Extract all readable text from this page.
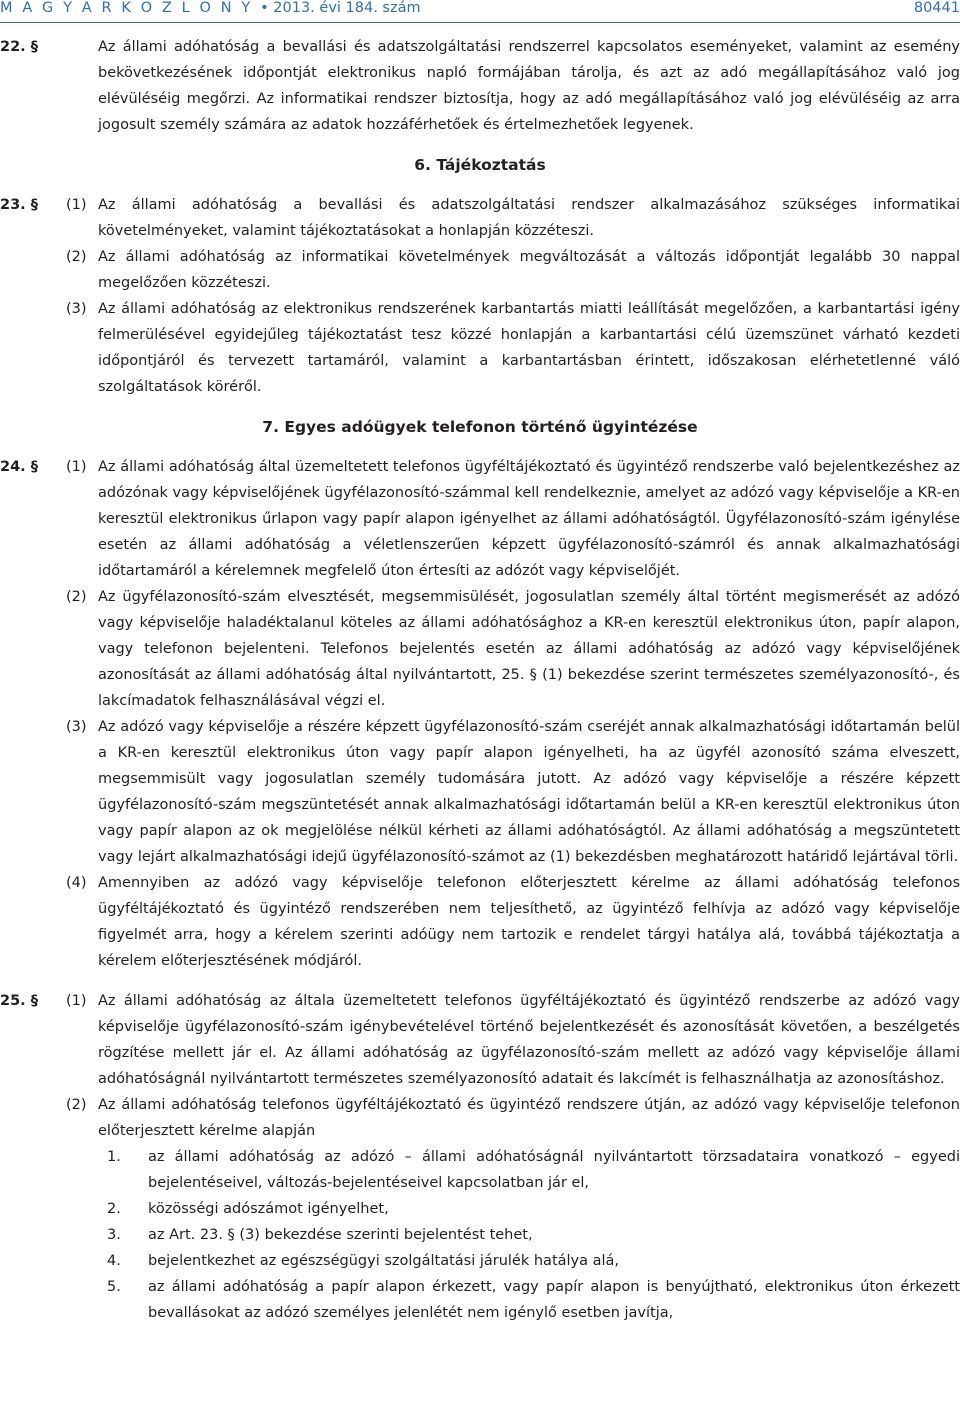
M A G Y A R K Ö Z L Ö N Y • 2013. évi 184. szám	80441
22. §	Az állami adóhatóság a bevallási és adatszolgáltatási rendszerrel kapcsolatos eseményeket, valamint az esemény bekövetkezésének időpontját elektronikus napló formájában tárolja, és azt az adó megállapításához való jog elévüléséig megőrzi. Az informatikai rendszer biztosítja, hogy az adó megállapításához való jog elévüléséig az arra jogosult személy számára az adatok hozzáférhetőek és értelmezhetőek legyenek.
6. Tájékoztatás
23. § (1) Az állami adóhatóság a bevallási és adatszolgáltatási rendszer alkalmazásához szükséges informatikai követelményeket, valamint tájékoztatásokat a honlapján közzéteszi.
(2) Az állami adóhatóság az informatikai követelmények megváltozását a változás időpontját legalább 30 nappal megelőzően közzéteszi.
(3) Az állami adóhatóság az elektronikus rendszerének karbantartás miatti leállítását megelőzően, a karbantartási igény felmerülésével egyidejűleg tájékoztatást tesz közzé honlapján a karbantartási célú üzemszünet várható kezdeti időpontjáról és tervezett tartamáról, valamint a karbantartásban érintett, időszakosan elérhetetlenné váló szolgáltatások köréről.
7. Egyes adóügyek telefonon történő ügyintézése
24. § (1) Az állami adóhatóság által üzemeltetett telefonos ügyféltájékoztató és ügyintéző rendszerbe való bejelentkezéshez az adózónak vagy képviselőjének ügyfélazonosító-számmal kell rendelkeznie, amelyet az adózó vagy képviselője a KR-en keresztül elektronikus űrlapon vagy papír alapon igényelhet az állami adóhatóságtól. Ügyfélazonosító-szám igénylése esetén az állami adóhatóság a véletlenszerűen képzett ügyfélazonosító-számról és annak alkalmazhatósági időtartamáról a kérelemnek megfelelő úton értesíti az adózót vagy képviselőjét.
(2) Az ügyfélazonosító-szám elvesztését, megsemmisülését, jogosulatlan személy által történt megismerését az adózó vagy képviselője haladéktalanul köteles az állami adóhatósághoz a KR-en keresztül elektronikus úton, papír alapon, vagy telefonon bejelenteni. Telefonos bejelentés esetén az állami adóhatóság az adózó vagy képviselőjének azonosítását az állami adóhatóság által nyilvántartott, 25. § (1) bekezdése szerint természetes személyazonosító-, és lakcímadatok felhasználásával végzi el.
(3) Az adózó vagy képviselője a részére képzett ügyfélazonosító-szám cseréjét annak alkalmazhatósági időtartamán belül a KR-en keresztül elektronikus úton vagy papír alapon igényelheti, ha az ügyfél azonosító száma elveszett, megsemmisült vagy jogosulatlan személy tudomására jutott. Az adózó vagy képviselője a részére képzett ügyfélazonosító-szám megszüntetését annak alkalmazhatósági időtartamán belül a KR-en keresztül elektronikus úton vagy papír alapon az ok megjelölése nélkül kérheti az állami adóhatóságtól. Az állami adóhatóság a megszüntetett vagy lejárt alkalmazhatósági idejű ügyfélazonosító-számot az (1) bekezdésben meghatározott határidő lejártával törli.
(4) Amennyiben az adózó vagy képviselője telefonon előterjesztett kérelme az állami adóhatóság telefonos ügyféltájékoztató és ügyintéző rendszerében nem teljesíthető, az ügyintéző felhívja az adózó vagy képviselője figyelmét arra, hogy a kérelem szerinti adóügy nem tartozik e rendelet tárgyi hatálya alá, továbbá tájékoztatja a kérelem előterjesztésének módjáról.
25. § (1) Az állami adóhatóság az általa üzemeltetett telefonos ügyféltájékoztató és ügyintéző rendszerbe az adózó vagy képviselője ügyfélazonosító-szám igénybevételével történő bejelentkezését és azonosítását követően, a beszélgetés rögzítése mellett jár el. Az állami adóhatóság az ügyfélazonosító-szám mellett az adózó vagy képviselője állami adóhatóságnál nyilvántartott természetes személyazonosító adatait és lakcímét is felhasználhatja az azonosításhoz.
(2) Az állami adóhatóság telefonos ügyféltájékoztató és ügyintéző rendszere útján, az adózó vagy képviselője telefonon előterjesztett kérelme alapján
1. az állami adóhatóság az adózó – állami adóhatóságnál nyilvántartott törzsadataira vonatkozó – egyedi bejelentéseivel, változás-bejelentéseivel kapcsolatban jár el,
2. közösségi adószámot igényelhet,
3. az Art. 23. § (3) bekezdése szerinti bejelentést tehet,
4. bejelentkezhet az egészségügyi szolgáltatási járulék hatálya alá,
5. az állami adóhatóság a papír alapon érkezett, vagy papír alapon is benyújtható, elektronikus úton érkezett bevallásokat az adózó személyes jelenlétét nem igénylő esetben javítja,
